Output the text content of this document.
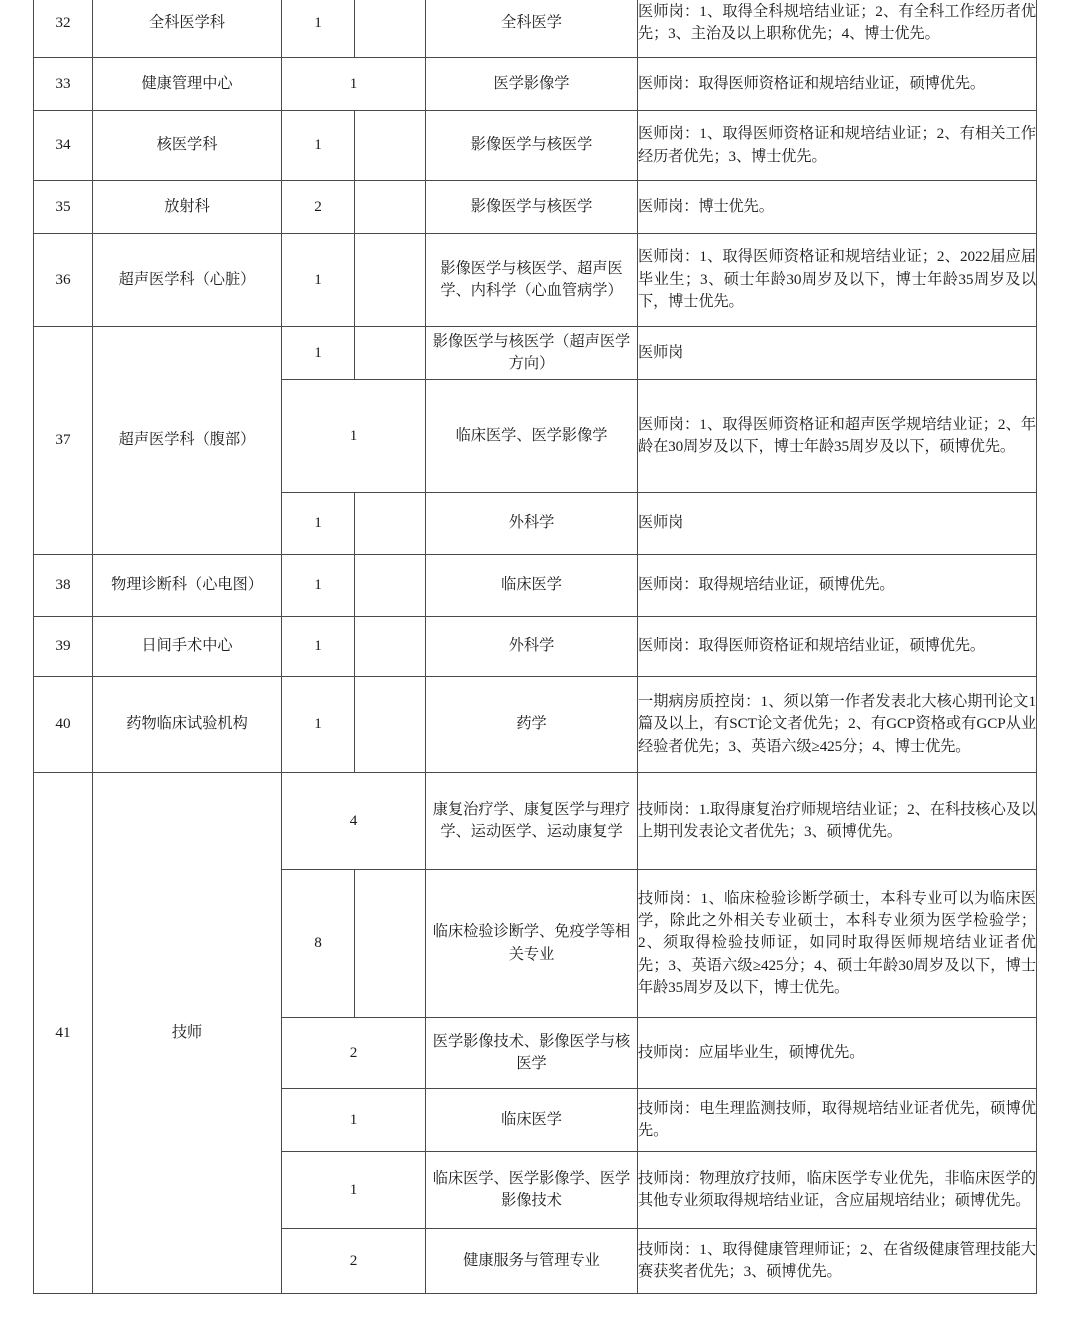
32	全科医学科	1		全科医学	医师岗：1、取得全科规培结业证；2、有全科工作经历者优先；3、主治及以上职称优先；4、博士优先。

33	健康管理中心	1		医学影像学	医师岗：取得医师资格证和规培结业证，硕博优先。

34	核医学科	1		影像医学与核医学	医师岗：1、取得医师资格证和规培结业证；2、有相关工作经历者优先；3、博士优先。

35	放射科	2		影像医学与核医学	医师岗：博士优先。

36	超声医学科（心脏）	1		影像医学与核医学、超声医学、内科学（心血管病学）	医师岗：1、取得医师资格证和规培结业证；2、2022届应届毕业生；3、硕士年龄30周岁及以下，博士年龄35周岁及以下，博士优先。

37	超声医学科（腹部）	1		影像医学与核医学（超声医学方向）	医师岗

		1		临床医学、医学影像学	医师岗：1、取得医师资格证和超声医学规培结业证；2、年龄在30周岁及以下，博士年龄35周岁及以下，硕博优先。

		1		外科学	医师岗

38	物理诊断科（心电图）	1		临床医学	医师岗：取得规培结业证，硕博优先。

39	日间手术中心	1		外科学	医师岗：取得医师资格证和规培结业证，硕博优先。

40	药物临床试验机构	1		药学	一期病房质控岗：1、须以第一作者发表北大核心期刊论文1篇及以上，有SCT论文者优先；2、有GCP资格或有GCP从业经验者优先；3、英语六级≥425分；4、博士优先。

41	技师	4		康复治疗学、康复医学与理疗学、运动医学、运动康复学	技师岗：1.取得康复治疗师规培结业证；2、在科技核心及以上期刊发表论文者优先；3、硕博优先。

		8		临床检验诊断学、免疫学等相关专业	技师岗：1、临床检验诊断学硕士，本科专业可以为临床医学，除此之外相关专业硕士，本科专业须为医学检验学；2、须取得检验技师证，如同时取得医师规培结业证者优先；3、英语六级≥425分；4、硕士年龄30周岁及以下，博士年龄35周岁及以下，博士优先。

		2		医学影像技术、影像医学与核医学	技师岗：应届毕业生，硕博优先。

		1		临床医学	技师岗：电生理监测技师，取得规培结业证者优先，硕博优先。

		1		临床医学、医学影像学、医学影像技术	技师岗：物理放疗技师，临床医学专业优先，非临床医学的其他专业须取得规培结业证，含应届规培结业；硕博优先。

		2		健康服务与管理专业	技师岗：1、取得健康管理师证；2、在省级健康管理技能大赛获奖者优先；3、硕博优先。
